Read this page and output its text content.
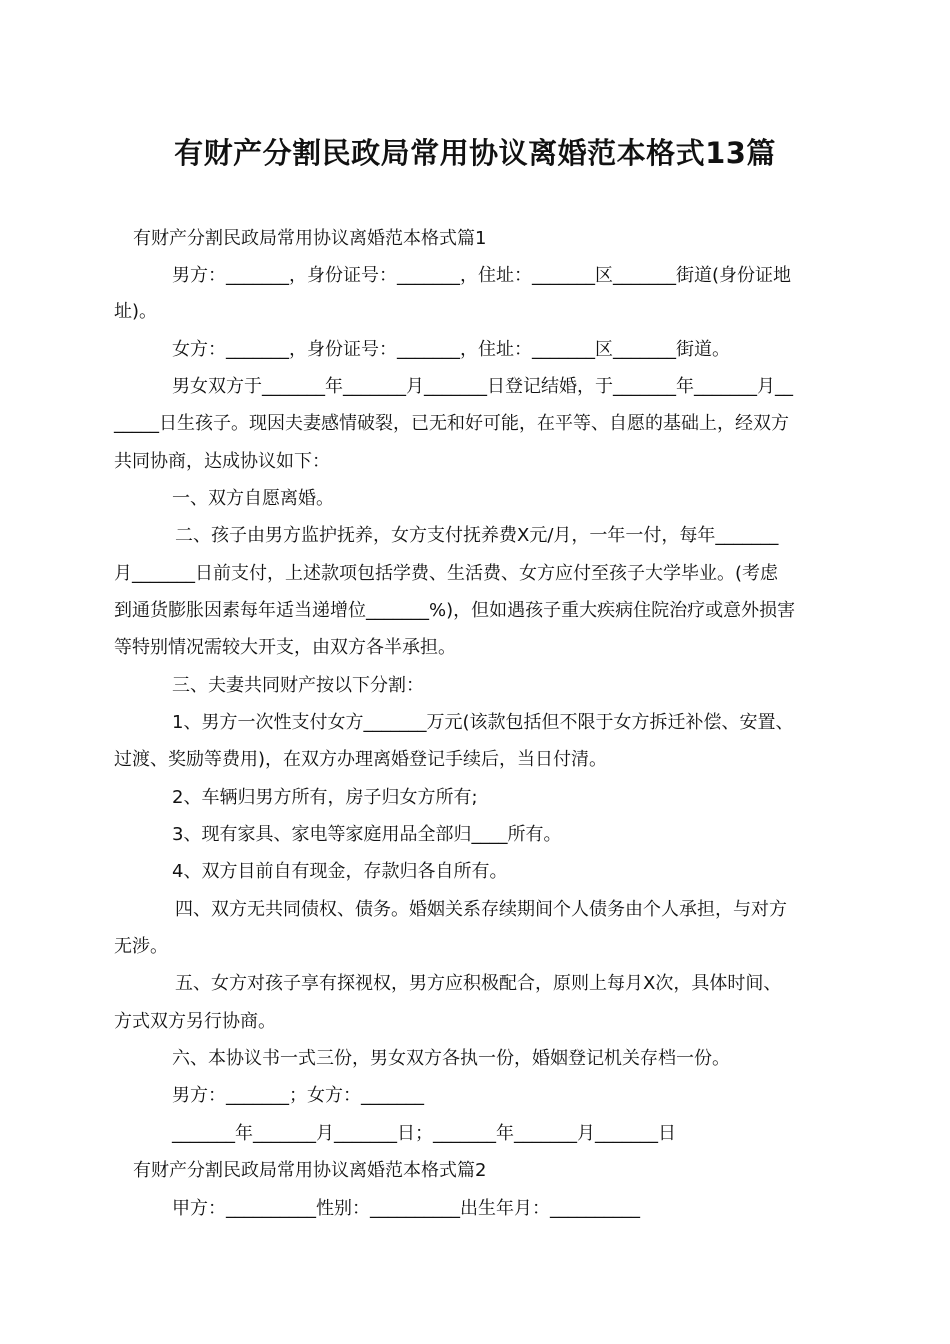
有财产分割民政局常用协议离婚范本格式13篇
有财产分割民政局常用协议离婚范本格式篇1
男方：_______，身份证号：_______，住址：_______区_______街道(身份证地
址)。
女方：_______，身份证号：_______，住址：_______区_______街道。
男女双方于_______年_______月_______日登记结婚，于_______年_______月__
_____日生孩子。现因夫妻感情破裂，已无和好可能，在平等、自愿的基础上，经双方
共同协商，达成协议如下：
一、双方自愿离婚。
二、孩子由男方监护抚养，女方支付抚养费X元/月，一年一付，每年_______
月_______日前支付，上述款项包括学费、生活费、女方应付至孩子大学毕业。(考虑
到通货膨胀因素每年适当递增位_______%)，但如遇孩子重大疾病住院治疗或意外损害
等特别情况需较大开支，由双方各半承担。
三、夫妻共同财产按以下分割：
1、男方一次性支付女方_______万元(该款包括但不限于女方拆迁补偿、安置、
过渡、奖励等费用)，在双方办理离婚登记手续后，当日付清。
2、车辆归男方所有，房子归女方所有;
3、现有家具、家电等家庭用品全部归____所有。
4、双方目前自有现金，存款归各自所有。
四、双方无共同债权、债务。婚姻关系存续期间个人债务由个人承担，与对方
无涉。
五、女方对孩子享有探视权，男方应积极配合，原则上每月X次，具体时间、
方式双方另行协商。
六、本协议书一式三份，男女双方各执一份，婚姻登记机关存档一份。
男方：_______；女方：_______
_______年_______月_______日；_______年_______月_______日
有财产分割民政局常用协议离婚范本格式篇2
甲方：__________性别：__________出生年月：__________
